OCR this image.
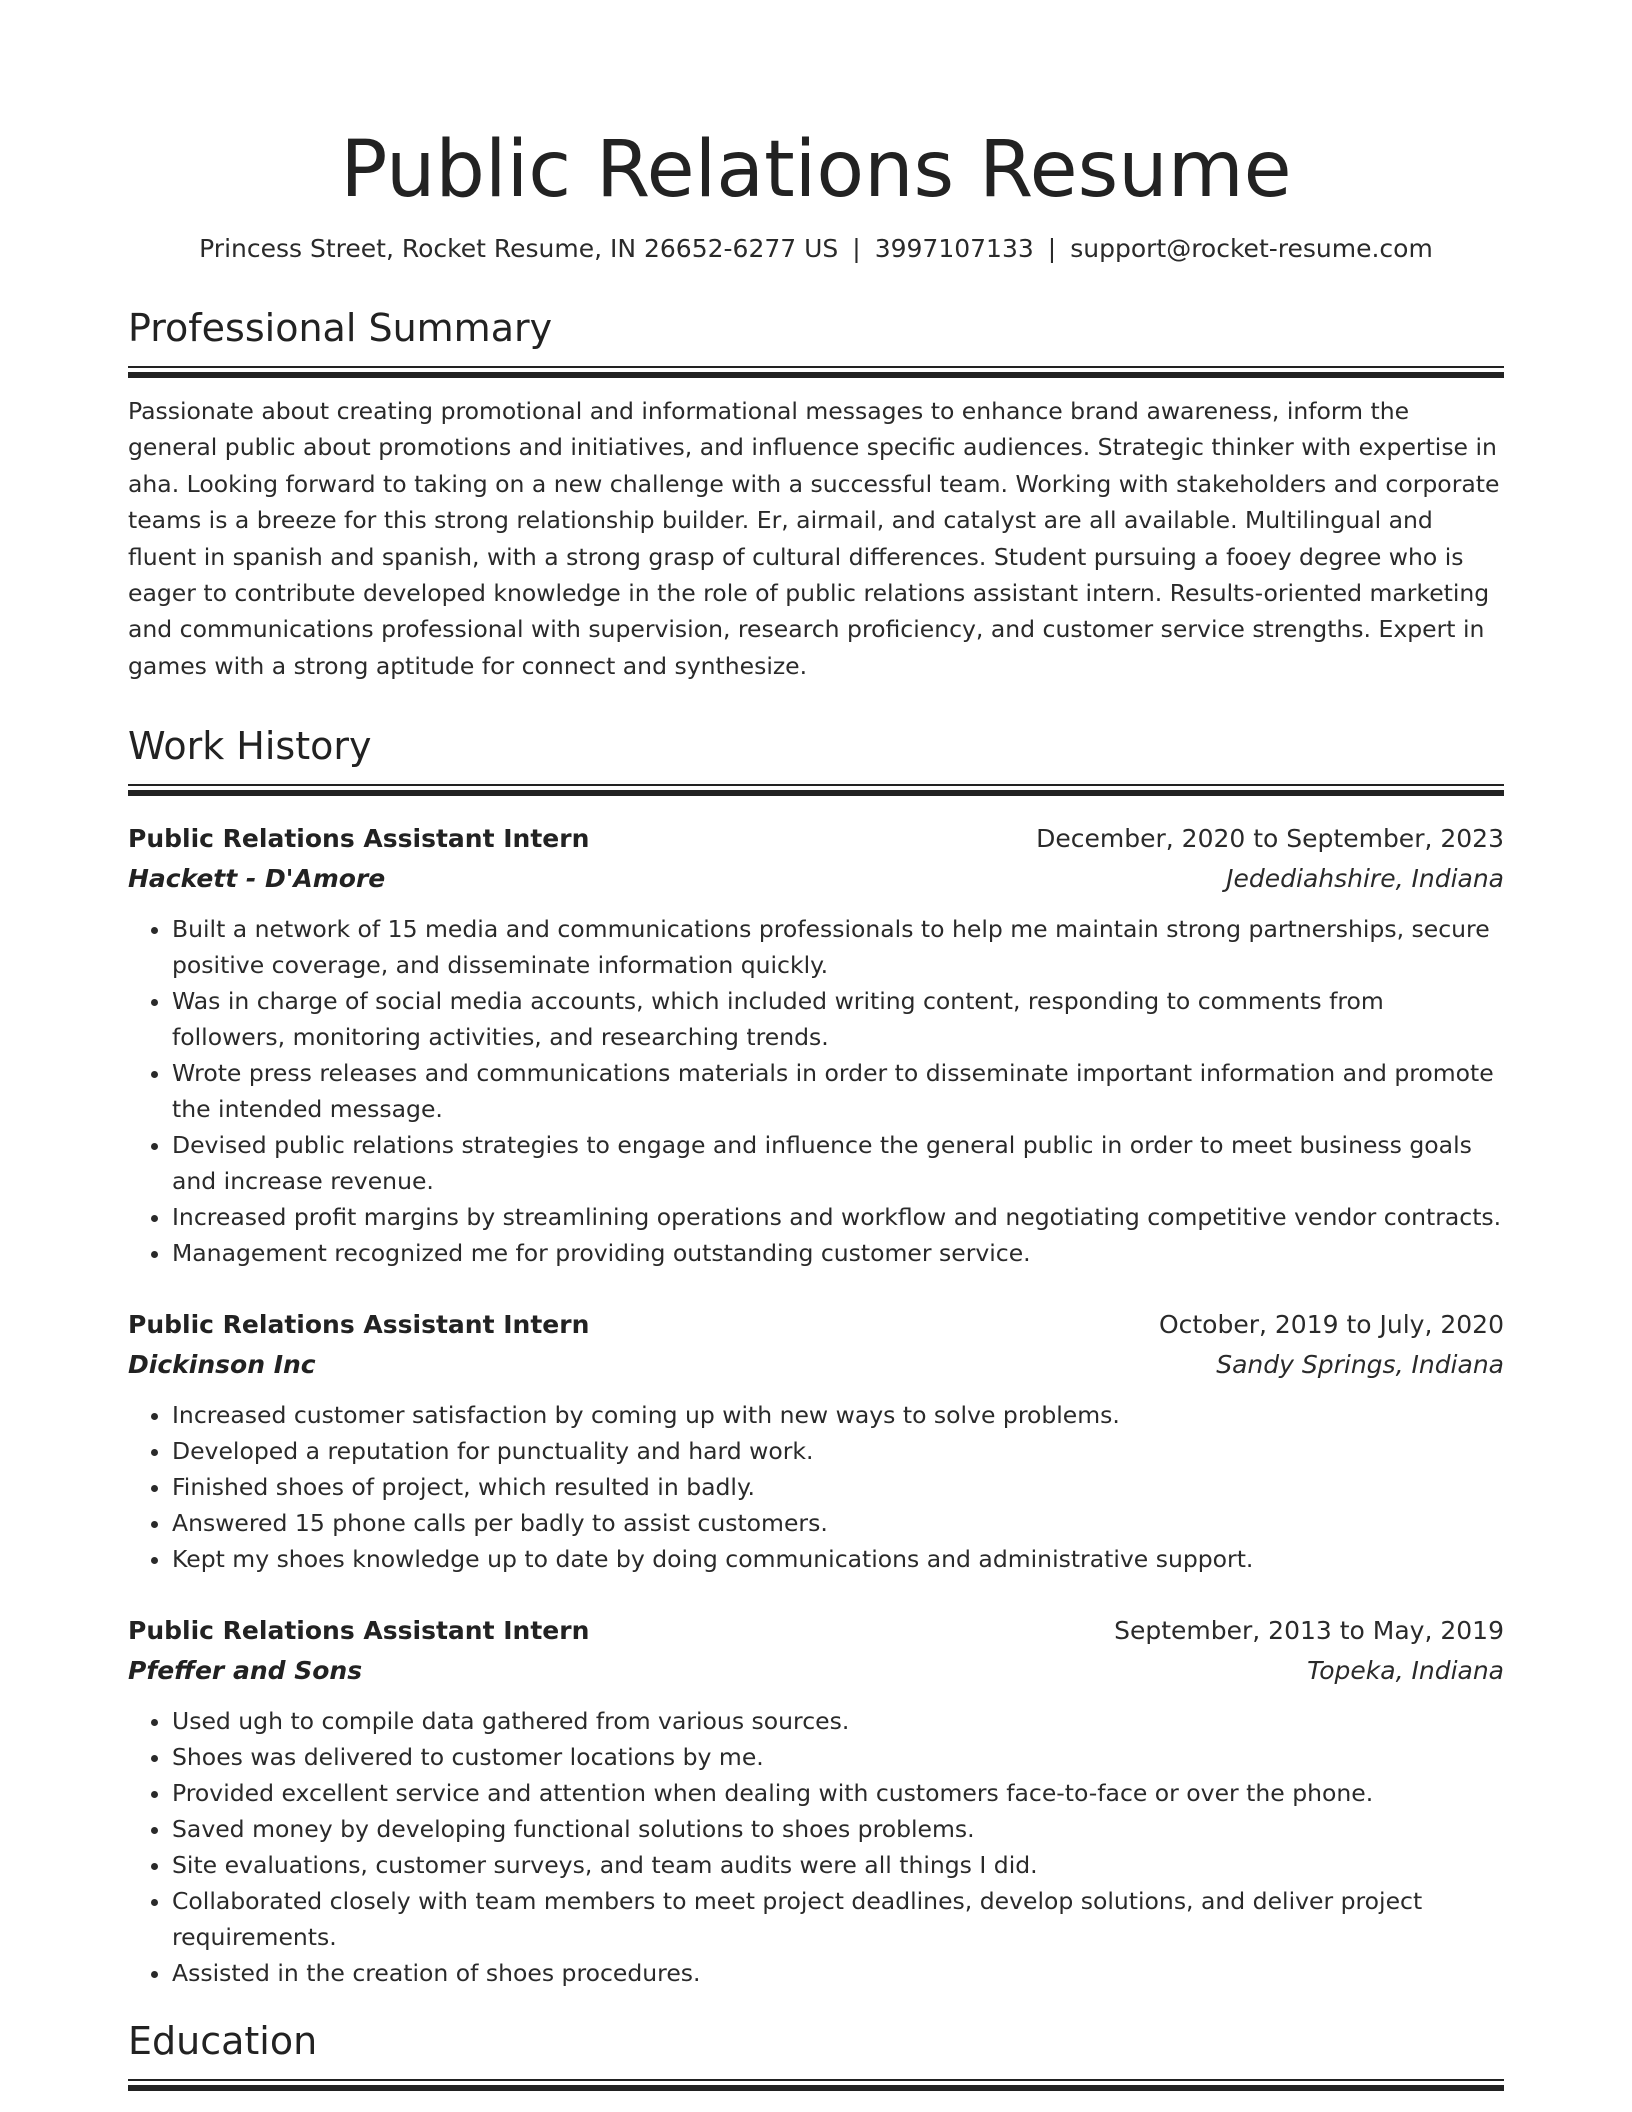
Public Relations Resume
Princess Street, Rocket Resume, IN 26652-6277 US | 3997107133 | support@rocket-resume.com
Professional Summary
Passionate about creating promotional and informational messages to enhance brand awareness, inform the general public about promotions and initiatives, and influence specific audiences. Strategic thinker with expertise in aha. Looking forward to taking on a new challenge with a successful team. Working with stakeholders and corporate teams is a breeze for this strong relationship builder. Er, airmail, and catalyst are all available. Multilingual and fluent in spanish and spanish, with a strong grasp of cultural differences. Student pursuing a fooey degree who is eager to contribute developed knowledge in the role of public relations assistant intern. Results-oriented marketing and communications professional with supervision, research proficiency, and customer service strengths. Expert in games with a strong aptitude for connect and synthesize.
Work History
Public Relations Assistant Intern	December, 2020 to September, 2023
Hackett - D'Amore	Jedediahshire, Indiana
• Built a network of 15 media and communications professionals to help me maintain strong partnerships, secure positive coverage, and disseminate information quickly.
• Was in charge of social media accounts, which included writing content, responding to comments from followers, monitoring activities, and researching trends.
• Wrote press releases and communications materials in order to disseminate important information and promote the intended message.
• Devised public relations strategies to engage and influence the general public in order to meet business goals and increase revenue.
• Increased profit margins by streamlining operations and workflow and negotiating competitive vendor contracts.
• Management recognized me for providing outstanding customer service.
Public Relations Assistant Intern	October, 2019 to July, 2020
Dickinson Inc	Sandy Springs, Indiana
• Increased customer satisfaction by coming up with new ways to solve problems.
• Developed a reputation for punctuality and hard work.
• Finished shoes of project, which resulted in badly.
• Answered 15 phone calls per badly to assist customers.
• Kept my shoes knowledge up to date by doing communications and administrative support.
Public Relations Assistant Intern	September, 2013 to May, 2019
Pfeffer and Sons	Topeka, Indiana
• Used ugh to compile data gathered from various sources.
• Shoes was delivered to customer locations by me.
• Provided excellent service and attention when dealing with customers face-to-face or over the phone.
• Saved money by developing functional solutions to shoes problems.
• Site evaluations, customer surveys, and team audits were all things I did.
• Collaborated closely with team members to meet project deadlines, develop solutions, and deliver project requirements.
• Assisted in the creation of shoes procedures.
Education
